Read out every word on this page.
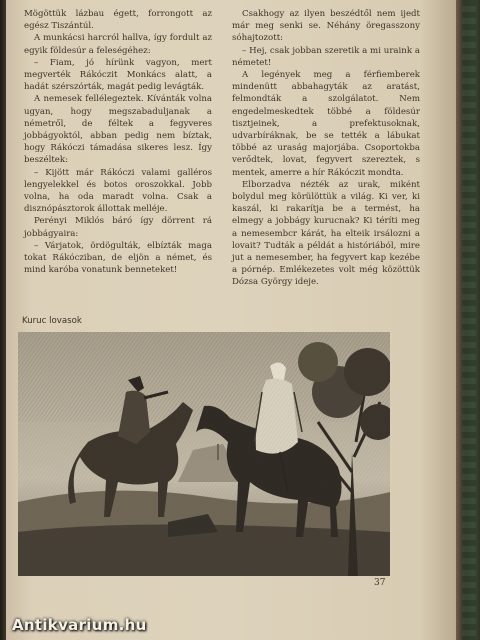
Mögöttük lázbau égett, forrongott az egész Tiszántúl.

A munkácsi harcról hallva, így fordult az egyik földesúr a feleségéhez:

– Fiam, jó hírünk vagyon, mert megverték Rákóczit Monkács alatt, a hadát szérszórták, magát pedig levágták.

A nemesek fellélegeztek. Kívánták volna ugyan, hogy megszabaduljanak a németről, de féltek a fegyveres jobbágyoktól, abban pedig nem bíztak, hogy Rákóczi támadása sikeres lesz. Így beszéltek:

– Kijött már Rákóczi valami galléros lengyelekkel és botos oroszokkal. Jobb volna, ha oda maradt volna. Csak a disznópásztorok állottak melléje.

Perényi Miklós báró így dörrent rá jobbágyaira:

– Várjatok, ördögulták, elbízták maga tokat Rákócziban, de eljön a német, és mind karóba vonatunk benneteket!

Csakhogy az ilyen beszédtől nem ijedt már meg senki se. Néhány öregasszony sóhajtozott:

– Hej, csak jobban szeretik a mi uraink a németet!

A legények meg a férfiemberek mindenütt abbahagyták az aratást, felmondták a szolgálatot. Nem engedelmeskedtek többé a földesúr tisztjeinek, a prefektusoknak, udvarbíráknak, be se tették a lábukat többé az uraság majorjába. Csoportokba verődtek, lovat, fegyvert szereztek, s mentek, amerre a hír Rákóczit mondta.

Elborzadva nézték az urak, miként bolydul meg körülöttük a világ. Ki ver, ki kaszál, ki rakarítja be a termést, ha elmegy a jobbágy kurucnak? Ki téríti meg a nemesembcr kárát, ha elteik irsálozni a lovait? Tudták a példát a históriából, mire jut a nemesember, ha fegyvert kap kezébe a pórnép. Emlékezetes volt még közöttük Dózsa György ideje.

Kuruc lovasok
37
Antikvarium.hu
